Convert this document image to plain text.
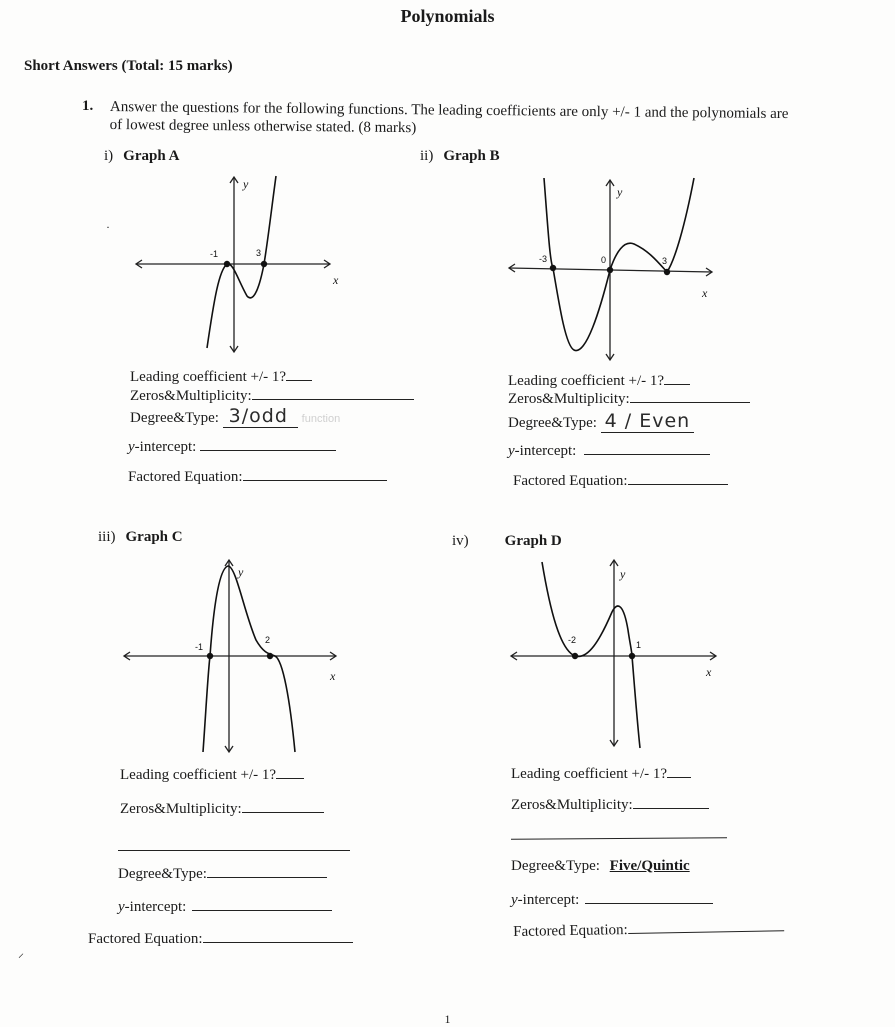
Polynomials
Short Answers (Total: 15 marks)
1. Answer the questions for the following functions. The leading coefficients are only +/- 1 and the polynomials are of lowest degree unless otherwise stated. (8 marks)
·
i) Graph A	ii) Graph B
iii) Graph C	iv) Graph D
-1	3
y
x
-3	0	3
y
x
-1
2
y
x
-2	1
y
x
Leading coefficient +/- 1?
Zeros&Multiplicity:
Degree&Type: 3/odd function
y-intercept:
Factored Equation:
Leading coefficient +/- 1?
Zeros&Multiplicity:
Degree&Type: 4 / Even
y-intercept:
Factored Equation:
Leading coefficient +/- 1?
Zeros&Multiplicity:
Degree&Type:
y-intercept:
Factored Equation:
⸝
Leading coefficient +/- 1?
Zeros&Multiplicity:
Degree&Type: Five/Quintic
y-intercept:
Factored Equation:
1
